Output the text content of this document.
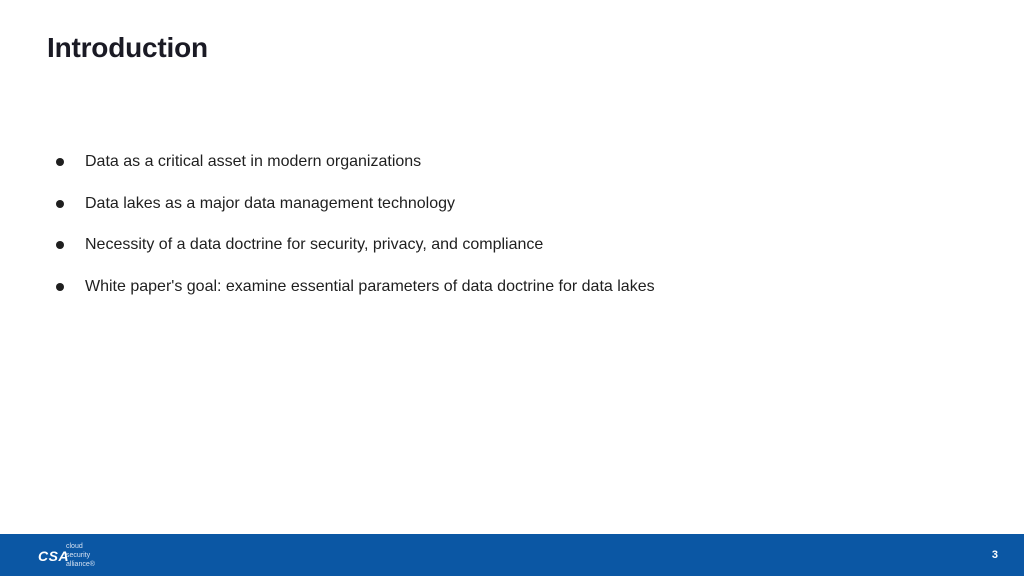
Introduction
Data as a critical asset in modern organizations
Data lakes as a major data management technology
Necessity of a data doctrine for security, privacy, and compliance
White paper's goal: examine essential parameters of data doctrine for data lakes
CSA
cloud
security
alliance®
3
